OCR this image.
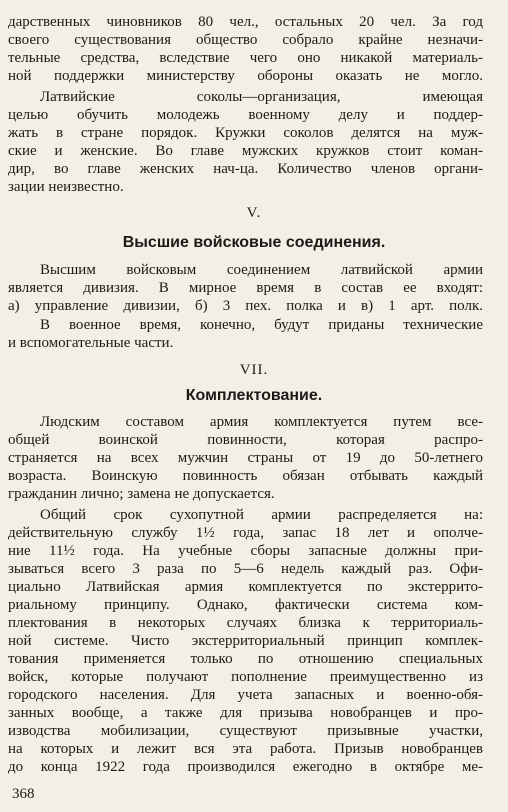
дарственных чиновников 80 чел., остальных 20 чел. За год
своего существования общество собрало крайне незначи-
тельные средства, вследствие чего оно никакой материаль-
ной поддержки министерству обороны оказать не могло.
Латвийские соколы—организация, имеющая
целью обучить молодежь военному делу и поддер-
жать в стране порядок. Кружки соколов делятся на муж-
ские и женские. Во главе мужских кружков стоит коман-
дир, во главе женских нач-ца. Количество членов органи-
зации неизвестно.
V.
Высшие войсковые соединения.
Высшим войсковым соединением латвийской армии
является дивизия. В мирное время в состав ее входят:
а) управление дивизии, б) 3 пех. полка и в) 1 арт. полк.
В военное время, конечно, будут приданы технические
и вспомогательные части.
VII.
Комплектование.
Людским составом армия комплектуется путем все-
общей воинской повинности, которая распро-
страняется на всех мужчин страны от 19 до 50-летнего
возраста. Воинскую повинность обязан отбывать каждый
гражданин лично; замена не допускается.
Общий срок сухопутной армии распределяется на:
действительную службу 1½ года, запас 18 лет и ополче-
ние 11½ года. На учебные сборы запасные должны при-
зываться всего 3 раза по 5—6 недель каждый раз. Офи-
циально Латвийская армия комплектуется по экстеррито-
риальному принципу. Однако, фактически система ком-
плектования в некоторых случаях близка к территориаль-
ной системе. Чисто экстерриториальный принцип комплек-
тования применяется только по отношению специальных
войск, которые получают пополнение преимущественно из
городского населения. Для учета запасных и военно-обя-
занных вообще, а также для призыва новобранцев и про-
изводства мобилизации, существуют призывные участки,
на которых и лежит вся эта работа. Призыв новобранцев
до конца 1922 года производился ежегодно в октябре ме-
368
